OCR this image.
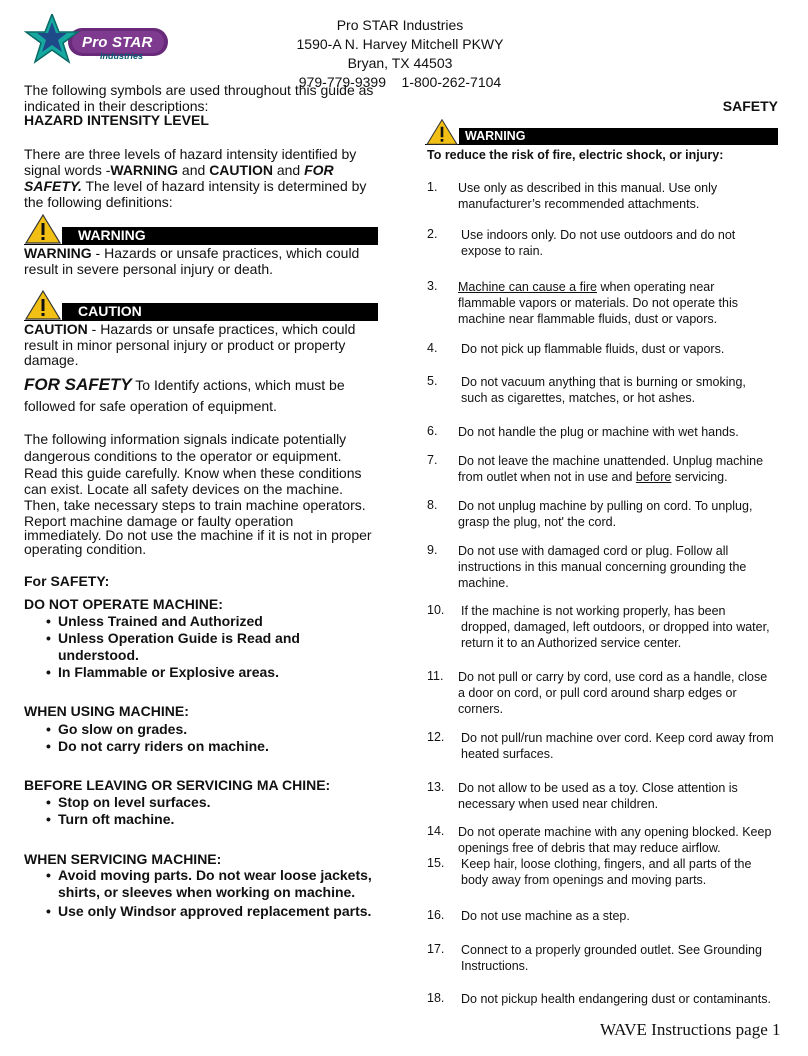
Pro STAR
Industries
Pro STAR Industries
1590-A N. Harvey Mitchell PKWY
Bryan, TX 44503
979-779-9399    1-800-262-7104
The following symbols are used throughout this guide as
indicated in their descriptions:
HAZARD INTENSITY LEVEL
There are three levels of hazard intensity identified by
signal words -WARNING and CAUTION and FOR
SAFETY. The level of hazard intensity is determined by
the following definitions:
WARNING
WARNING - Hazards or unsafe practices, which could
result in severe personal injury or death.
CAUTION
CAUTION - Hazards or unsafe practices, which could
result in minor personal injury or product or property
damage.
FOR SAFETY To Identify actions, which must be
followed for safe operation of equipment.
The following information signals indicate potentially
dangerous conditions to the operator or equipment.
Read this guide carefully. Know when these conditions
can exist. Locate all safety devices on the machine.
Then, take necessary steps to train machine operators.
Report machine damage or faulty operation
immediately. Do not use the machine if it is not in proper
operating condition.
For SAFETY:
DO NOT OPERATE MACHINE:
• Unless Trained and Authorized
• Unless Operation Guide is Read and
understood.
• In Flammable or Explosive areas.
WHEN USING MACHINE:
• Go slow on grades.
• Do not carry riders on machine.
BEFORE LEAVING OR SERVICING MA CHINE:
• Stop on level surfaces.
• Turn oft machine.
WHEN SERVICING MACHINE:
• Avoid moving parts. Do not wear loose jackets,
shirts, or sleeves when working on machine.
• Use only Windsor approved replacement parts.
SAFETY
WARNING
To reduce the risk of fire, electric shock, or injury:
1. Use only as described in this manual. Use only
manufacturer’s recommended attachments.
2. Use indoors only. Do not use outdoors and do not
expose to rain.
3. Machine can cause a fire when operating near
flammable vapors or materials. Do not operate this
machine near flammable fluids, dust or vapors.
4. Do not pick up flammable fluids, dust or vapors.
5. Do not vacuum anything that is burning or smoking,
such as cigarettes, matches, or hot ashes.
6. Do not handle the plug or machine with wet hands.
7. Do not leave the machine unattended. Unplug machine
from outlet when not in use and before servicing.
8. Do not unplug machine by pulling on cord. To unplug,
grasp the plug, not' the cord.
9. Do not use with damaged cord or plug. Follow all
instructions in this manual concerning grounding the
machine.
10. If the machine is not working properly, has been
dropped, damaged, left outdoors, or dropped into water,
return it to an Authorized service center.
11. Do not pull or carry by cord, use cord as a handle, close
a door on cord, or pull cord around sharp edges or
corners.
12. Do not pull/run machine over cord. Keep cord away from
heated surfaces.
13. Do not allow to be used as a toy. Close attention is
necessary when used near children.
14. Do not operate machine with any opening blocked. Keep
openings free of debris that may reduce airflow.
15. Keep hair, loose clothing, fingers, and all parts of the
body away from openings and moving parts.
16. Do not use machine as a step.
17. Connect to a properly grounded outlet. See Grounding
Instructions.
18. Do not pickup health endangering dust or contaminants.
WAVE Instructions page 1
